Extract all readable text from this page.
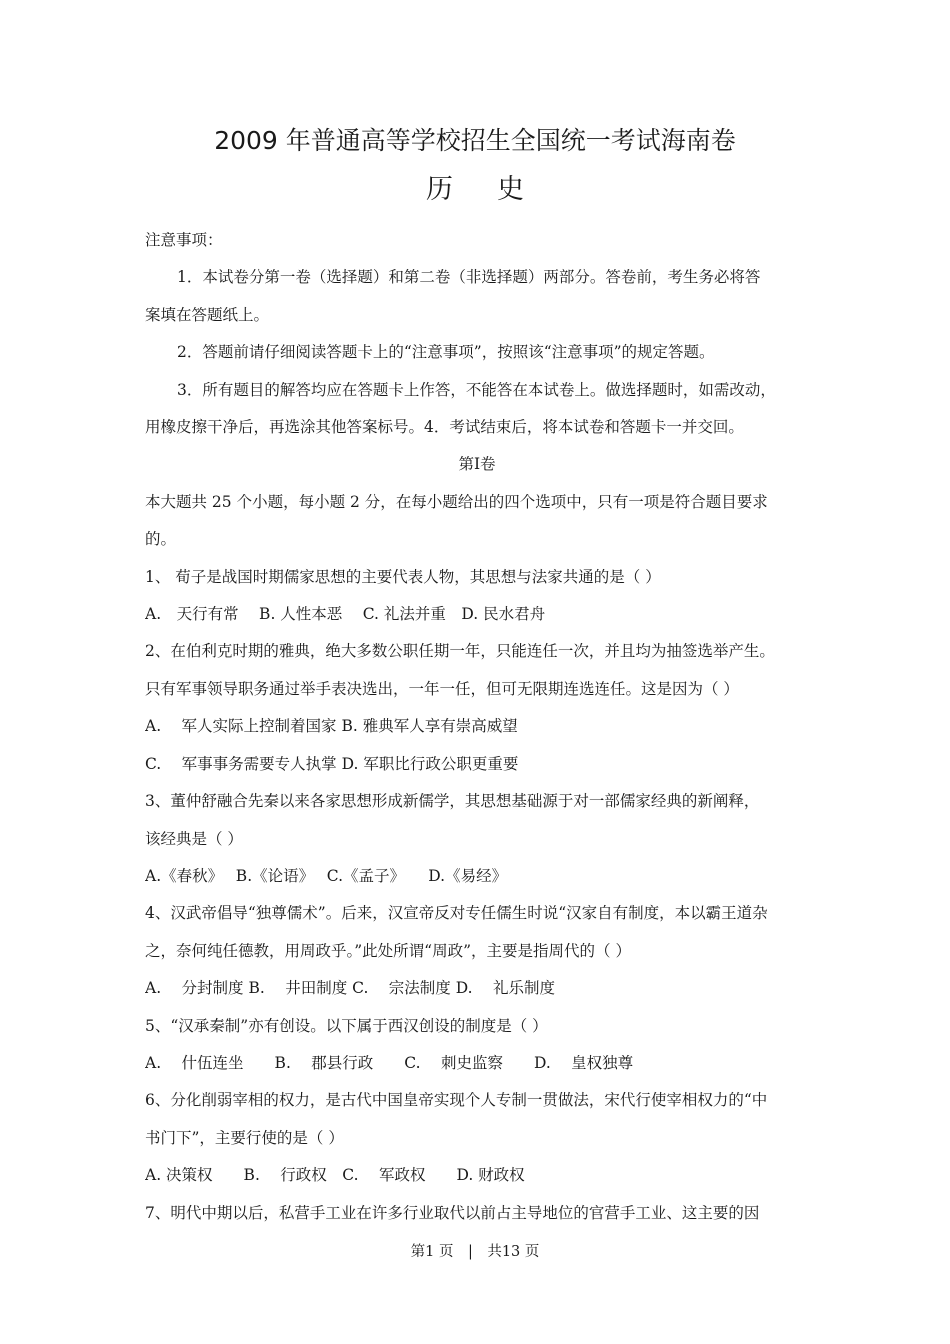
2009 年普通高等学校招生全国统一考试海南卷
历史
注意事项：
1．本试卷分第一卷（选择题）和第二卷（非选择题）两部分。答卷前，考生务必将答
案填在答题纸上。
2．答题前请仔细阅读答题卡上的“注意事项”，按照该“注意事项”的规定答题。
3．所有题目的解答均应在答题卡上作答，不能答在本试卷上。做选择题时，如需改动，
用橡皮擦干净后，再选涂其他答案标号。4．考试结束后，将本试卷和答题卡一并交回。
第Ⅰ卷
本大题共 25 个小题，每小题 2 分，在每小题给出的四个选项中，只有一项是符合题目要求
的。
1、 荀子是战国时期儒家思想的主要代表人物，其思想与法家共通的是（ ）
A.　天行有常　 B. 人性本恶　 C. 礼法并重　D. 民水君舟
2、在伯利克时期的雅典，绝大多数公职任期一年，只能连任一次，并且均为抽签选举产生。
只有军事领导职务通过举手表决选出，一年一任，但可无限期连选连任。这是因为（ ）
A.　 军人实际上控制着国家 B. 雅典军人享有崇高威望
C.　 军事事务需要专人执掌 D. 军职比行政公职更重要
3、董仲舒融合先秦以来各家思想形成新儒学，其思想基础源于对一部儒家经典的新阐释，
该经典是（ ）
A.《春秋》　 B.《论语》　 C.《孟子》　　D.《易经》
4、汉武帝倡导“独尊儒术”。后来，汉宣帝反对专任儒生时说“汉家自有制度，本以霸王道杂
之，奈何纯任德教，用周政乎。”此处所谓“周政”，主要是指周代的（ ）
A.　 分封制度 B.　 井田制度 C.　 宗法制度 D.　 礼乐制度
5、“汉承秦制”亦有创设。以下属于西汉创设的制度是（ ）
A.　 什伍连坐　　B.　 郡县行政　　C.　 刺史监察　　D.　 皇权独尊
6、分化削弱宰相的权力，是古代中国皇帝实现个人专制一贯做法，宋代行使宰相权力的“中
书门下”，主要行使的是（ ）
A. 决策权　　B.　 行政权　C.　 军政权　　D. 财政权
7、明代中期以后，私营手工业在许多行业取代以前占主导地位的官营手工业、这主要的因
第1 页　|　共13 页
